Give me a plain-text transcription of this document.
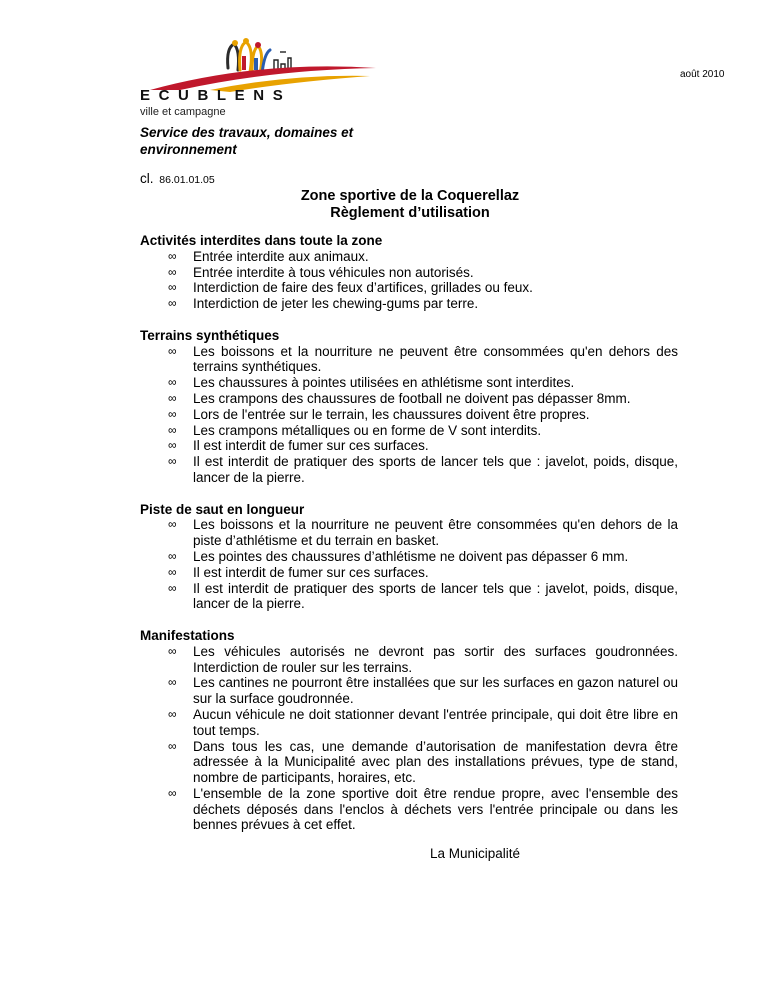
ECUBLENS
ville et campagne
août 2010
Service des travaux, domaines et environnement
cl. 86.01.01.05
Zone sportive de la Coquerellaz
Règlement d’utilisation

Activités interdites dans toute la zone

∞ Entrée interdite aux animaux.
∞ Entrée interdite à tous véhicules non autorisés.
∞ Interdiction de faire des feux d’artifices, grillades ou feux.
∞ Interdiction de jeter les chewing-gums par terre.

Terrains synthétiques

∞ Les boissons et la nourriture ne peuvent être consommées qu'en dehors des terrains synthétiques.
∞ Les chaussures à pointes utilisées en athlétisme sont interdites.
∞ Les crampons des chaussures de football ne doivent pas dépasser 8mm.
∞ Lors de l'entrée sur le terrain, les chaussures doivent être propres.
∞ Les crampons métalliques ou en forme de V sont interdits.
∞ Il est interdit de fumer sur ces surfaces.
∞ Il est interdit de pratiquer des sports de lancer tels que : javelot, poids, disque, lancer de la pierre.

Piste de saut en longueur

∞ Les boissons et la nourriture ne peuvent être consommées qu'en dehors de la piste d’athlétisme et du terrain en basket.
∞ Les pointes des chaussures d’athlétisme ne doivent pas dépasser 6 mm.
∞ Il est interdit de fumer sur ces surfaces.
∞ Il est interdit de pratiquer des sports de lancer tels que : javelot, poids, disque, lancer de la pierre.

Manifestations

∞ Les véhicules autorisés ne devront pas sortir des surfaces goudronnées. Interdiction de rouler sur les terrains.
∞ Les cantines ne pourront être installées que sur les surfaces en gazon naturel ou sur la surface goudronnée.
∞ Aucun véhicule ne doit stationner devant l'entrée principale, qui doit être libre en tout temps.
∞ Dans tous les cas, une demande d’autorisation de manifestation devra être adressée à la Municipalité avec plan des installations prévues, type de stand, nombre de participants, horaires, etc.
∞ L'ensemble de la zone sportive doit être rendue propre, avec l'ensemble des déchets déposés dans l'enclos à déchets vers l'entrée principale ou dans les bennes prévues à cet effet.
La Municipalité
